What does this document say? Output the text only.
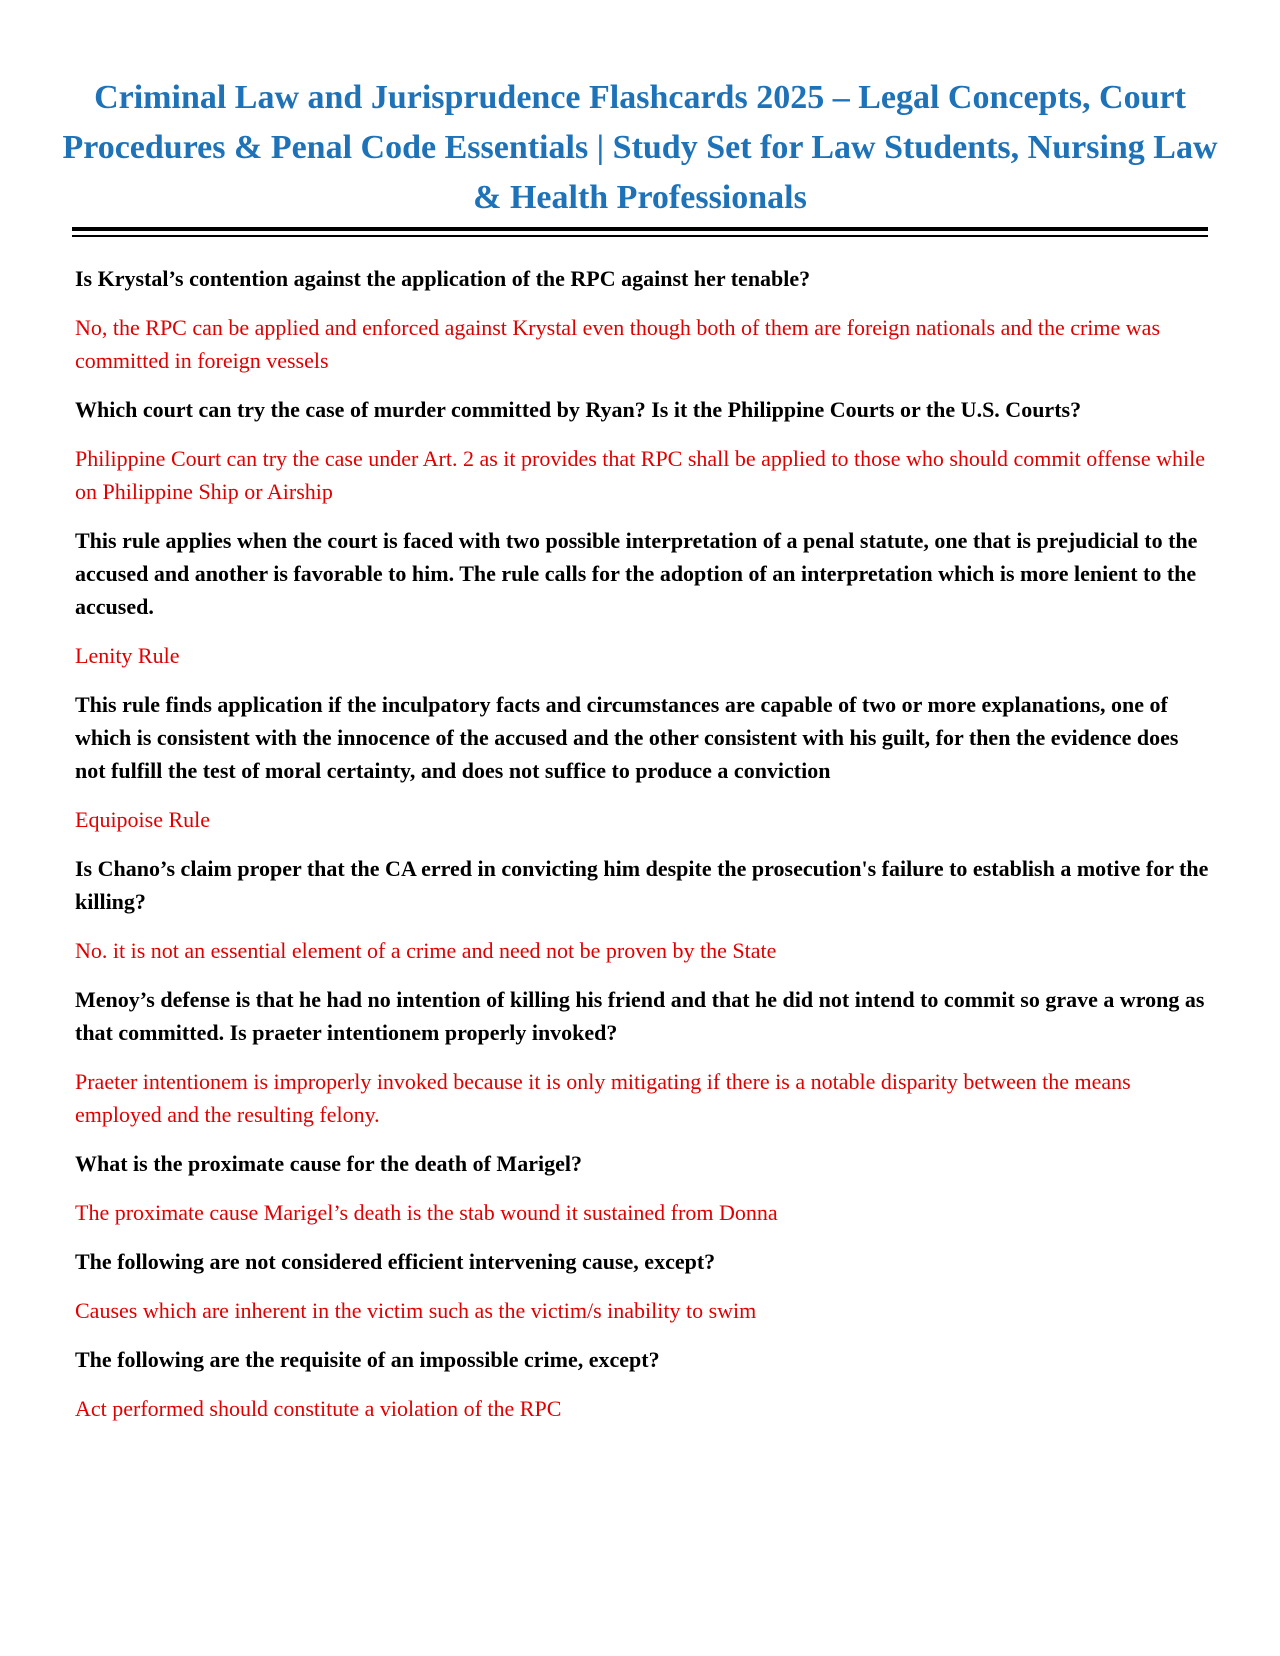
Criminal Law and Jurisprudence Flashcards 2025 – Legal Concepts, Court Procedures & Penal Code Essentials | Study Set for Law Students, Nursing Law & Health Professionals

Is Krystal’s contention against the application of the RPC against her tenable?

No, the RPC can be applied and enforced against Krystal even though both of them are foreign nationals and the crime was committed in foreign vessels

Which court can try the case of murder committed by Ryan? Is it the Philippine Courts or the U.S. Courts?

Philippine Court can try the case under Art. 2 as it provides that RPC shall be applied to those who should commit offense while on Philippine Ship or Airship

This rule applies when the court is faced with two possible interpretation of a penal statute, one that is prejudicial to the accused and another is favorable to him. The rule calls for the adoption of an interpretation which is more lenient to the accused.

Lenity Rule

This rule finds application if the inculpatory facts and circumstances are capable of two or more explanations, one of which is consistent with the innocence of the accused and the other consistent with his guilt, for then the evidence does not fulfill the test of moral certainty, and does not suffice to produce a conviction

Equipoise Rule

Is Chano’s claim proper that the CA erred in convicting him despite the prosecution's failure to establish a motive for the killing?

No. it is not an essential element of a crime and need not be proven by the State

Menoy’s defense is that he had no intention of killing his friend and that he did not intend to commit so grave a wrong as that committed. Is praeter intentionem properly invoked?

Praeter intentionem is improperly invoked because it is only mitigating if there is a notable disparity between the means employed and the resulting felony.

What is the proximate cause for the death of Marigel?

The proximate cause Marigel’s death is the stab wound it sustained from Donna

The following are not considered efficient intervening cause, except?

Causes which are inherent in the victim such as the victim/s inability to swim

The following are the requisite of an impossible crime, except?

Act performed should constitute a violation of the RPC
